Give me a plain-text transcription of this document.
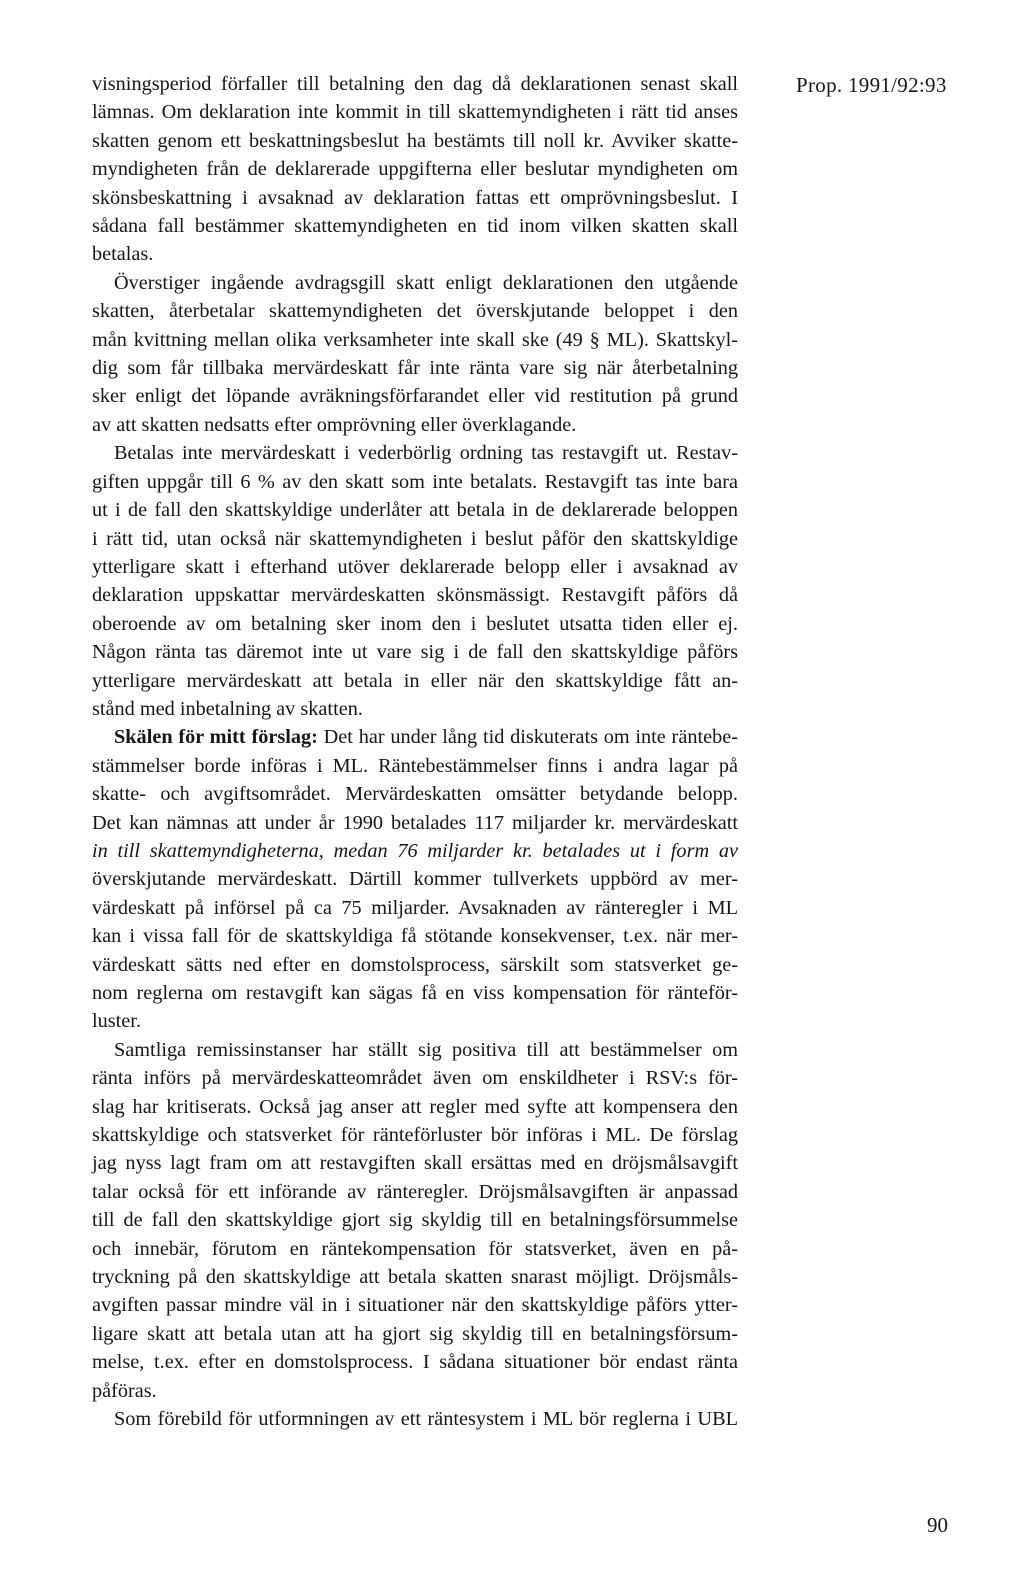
Prop. 1991/92:93
visningsperiod förfaller till betalning den dag då deklarationen senast skall
lämnas. Om deklaration inte kommit in till skattemyndigheten i rätt tid anses
skatten genom ett beskattningsbeslut ha bestämts till noll kr. Avviker skatte-
myndigheten från de deklarerade uppgifterna eller beslutar myndigheten om
skönsbeskattning i avsaknad av deklaration fattas ett omprövningsbeslut. I
sådana fall bestämmer skattemyndigheten en tid inom vilken skatten skall
betalas.
Överstiger ingående avdragsgill skatt enligt deklarationen den utgående
skatten, återbetalar skattemyndigheten det överskjutande beloppet i den
mån kvittning mellan olika verksamheter inte skall ske (49 § ML). Skattskyl-
dig som får tillbaka mervärdeskatt får inte ränta vare sig när återbetalning
sker enligt det löpande avräkningsförfarandet eller vid restitution på grund
av att skatten nedsatts efter omprövning eller överklagande.
Betalas inte mervärdeskatt i vederbörlig ordning tas restavgift ut. Restav-
giften uppgår till 6 % av den skatt som inte betalats. Restavgift tas inte bara
ut i de fall den skattskyldige underlåter att betala in de deklarerade beloppen
i rätt tid, utan också när skattemyndigheten i beslut påför den skattskyldige
ytterligare skatt i efterhand utöver deklarerade belopp eller i avsaknad av
deklaration uppskattar mervärdeskatten skönsmässigt. Restavgift påförs då
oberoende av om betalning sker inom den i beslutet utsatta tiden eller ej.
Någon ränta tas däremot inte ut vare sig i de fall den skattskyldige påförs
ytterligare mervärdeskatt att betala in eller när den skattskyldige fått an-
stånd med inbetalning av skatten.
Skälen för mitt förslag: Det har under lång tid diskuterats om inte räntebe-
stämmelser borde införas i ML. Räntebestämmelser finns i andra lagar på
skatte- och avgiftsområdet. Mervärdeskatten omsätter betydande belopp.
Det kan nämnas att under år 1990 betalades 117 miljarder kr. mervärdeskatt
in till skattemyndigheterna, medan 76 miljarder kr. betalades ut i form av
överskjutande mervärdeskatt. Därtill kommer tullverkets uppbörd av mer-
värdeskatt på införsel på ca 75 miljarder. Avsaknaden av ränteregler i ML
kan i vissa fall för de skattskyldiga få stötande konsekvenser, t.ex. när mer-
värdeskatt sätts ned efter en domstolsprocess, särskilt som statsverket ge-
nom reglerna om restavgift kan sägas få en viss kompensation för ränteför-
luster.
Samtliga remissinstanser har ställt sig positiva till att bestämmelser om
ränta införs på mervärdeskatteområdet även om enskildheter i RSV:s för-
slag har kritiserats. Också jag anser att regler med syfte att kompensera den
skattskyldige och statsverket för ränteförluster bör införas i ML. De förslag
jag nyss lagt fram om att restavgiften skall ersättas med en dröjsmålsavgift
talar också för ett införande av ränteregler. Dröjsmålsavgiften är anpassad
till de fall den skattskyldige gjort sig skyldig till en betalningsförsummelse
och innebär, förutom en räntekompensation för statsverket, även en på-
tryckning på den skattskyldige att betala skatten snarast möjligt. Dröjsmåls-
avgiften passar mindre väl in i situationer när den skattskyldige påförs ytter-
ligare skatt att betala utan att ha gjort sig skyldig till en betalningsförsum-
melse, t.ex. efter en domstolsprocess. I sådana situationer bör endast ränta
påföras.
Som förebild för utformningen av ett räntesystem i ML bör reglerna i UBL
90
